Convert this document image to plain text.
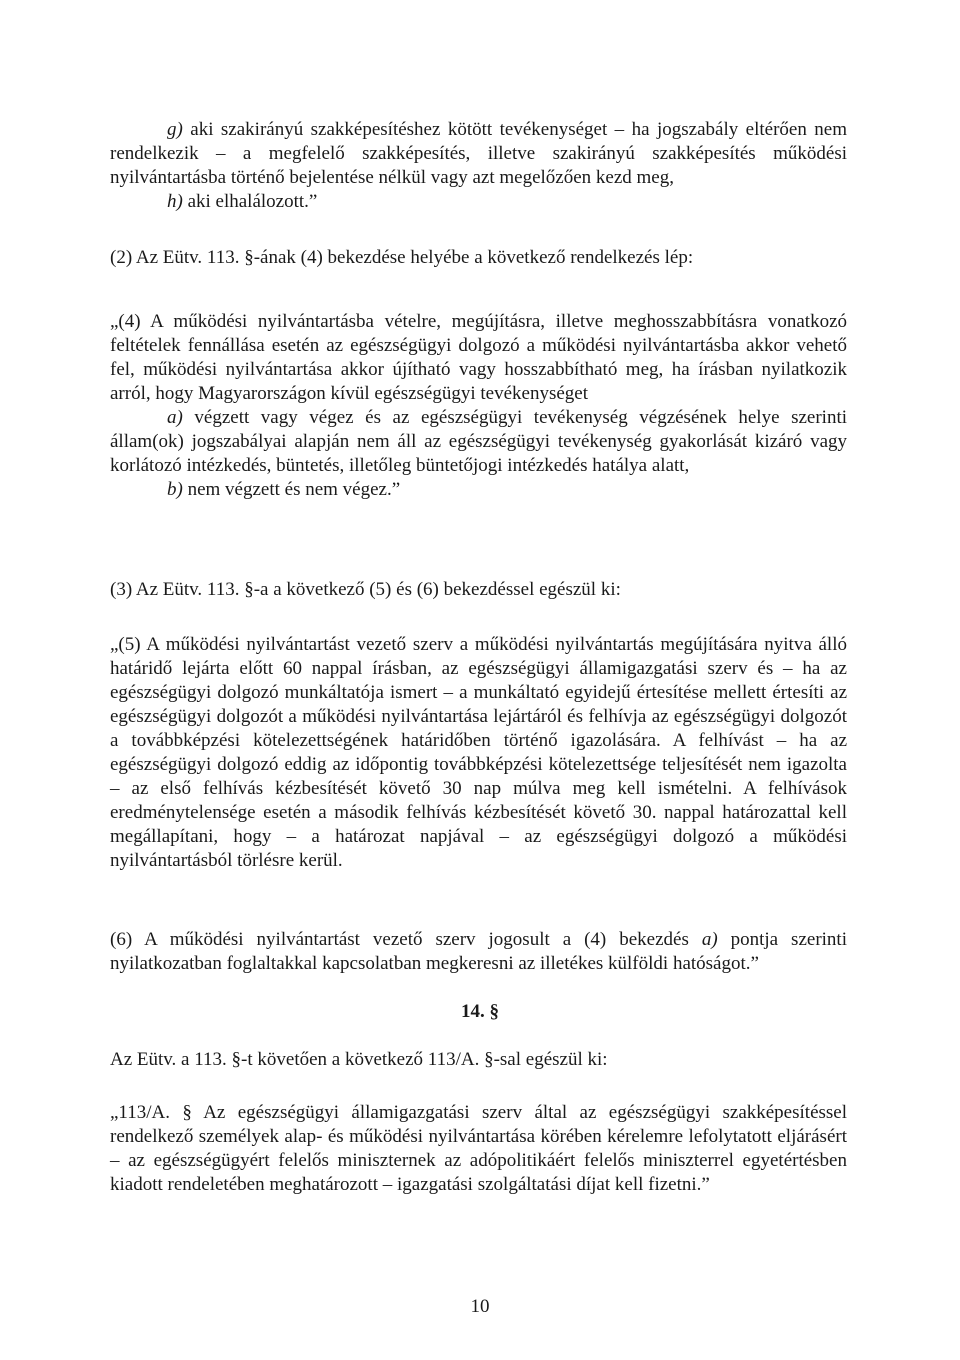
g) aki szakirányú szakképesítéshez kötött tevékenységet – ha jogszabály eltérően nem rendelkezik – a megfelelő szakképesítés, illetve szakirányú szakképesítés működési nyilvántartásba történő bejelentése nélkül vagy azt megelőzően kezd meg,

h) aki elhalálozott.”

(2) Az Eütv. 113. §-ának (4) bekezdése helyébe a következő rendelkezés lép:

„(4) A működési nyilvántartásba vételre, megújításra, illetve meghosszabbításra vonatkozó feltételek fennállása esetén az egészségügyi dolgozó a működési nyilvántartásba akkor vehető fel, működési nyilvántartása akkor újítható vagy hosszabbítható meg, ha írásban nyilatkozik arról, hogy Magyarországon kívül egészségügyi tevékenységet

a) végzett vagy végez és az egészségügyi tevékenység végzésének helye szerinti állam(ok) jogszabályai alapján nem áll az egészségügyi tevékenység gyakorlását kizáró vagy korlátozó intézkedés, büntetés, illetőleg büntetőjogi intézkedés hatálya alatt,

b) nem végzett és nem végez.”

(3) Az Eütv. 113. §-a a következő (5) és (6) bekezdéssel egészül ki:

„(5) A működési nyilvántartást vezető szerv a működési nyilvántartás megújítására nyitva álló határidő lejárta előtt 60 nappal írásban, az egészségügyi államigazgatási szerv és – ha az egészségügyi dolgozó munkáltatója ismert – a munkáltató egyidejű értesítése mellett értesíti az egészségügyi dolgozót a működési nyilvántartása lejártáról és felhívja az egészségügyi dolgozót a továbbképzési kötelezettségének határidőben történő igazolására. A felhívást – ha az egészségügyi dolgozó eddig az időpontig továbbképzési kötelezettsége teljesítését nem igazolta – az első felhívás kézbesítését követő 30 nap múlva meg kell ismételni. A felhívások eredménytelensége esetén a második felhívás kézbesítését követő 30. nappal határozattal kell megállapítani, hogy – a határozat napjával – az egészségügyi dolgozó a működési nyilvántartásból törlésre kerül.

(6) A működési nyilvántartást vezető szerv jogosult a (4) bekezdés a) pontja szerinti nyilatkozatban foglaltakkal kapcsolatban megkeresni az illetékes külföldi hatóságot.”

14. §

Az Eütv. a 113. §-t követően a következő 113/A. §-sal egészül ki:

„113/A. § Az egészségügyi államigazgatási szerv által az egészségügyi szakképesítéssel rendelkező személyek alap- és működési nyilvántartása körében kérelemre lefolytatott eljárásért – az egészségügyért felelős miniszternek az adópolitikáért felelős miniszterrel egyetértésben kiadott rendeletében meghatározott – igazgatási szolgáltatási díjat kell fizetni.”

10
